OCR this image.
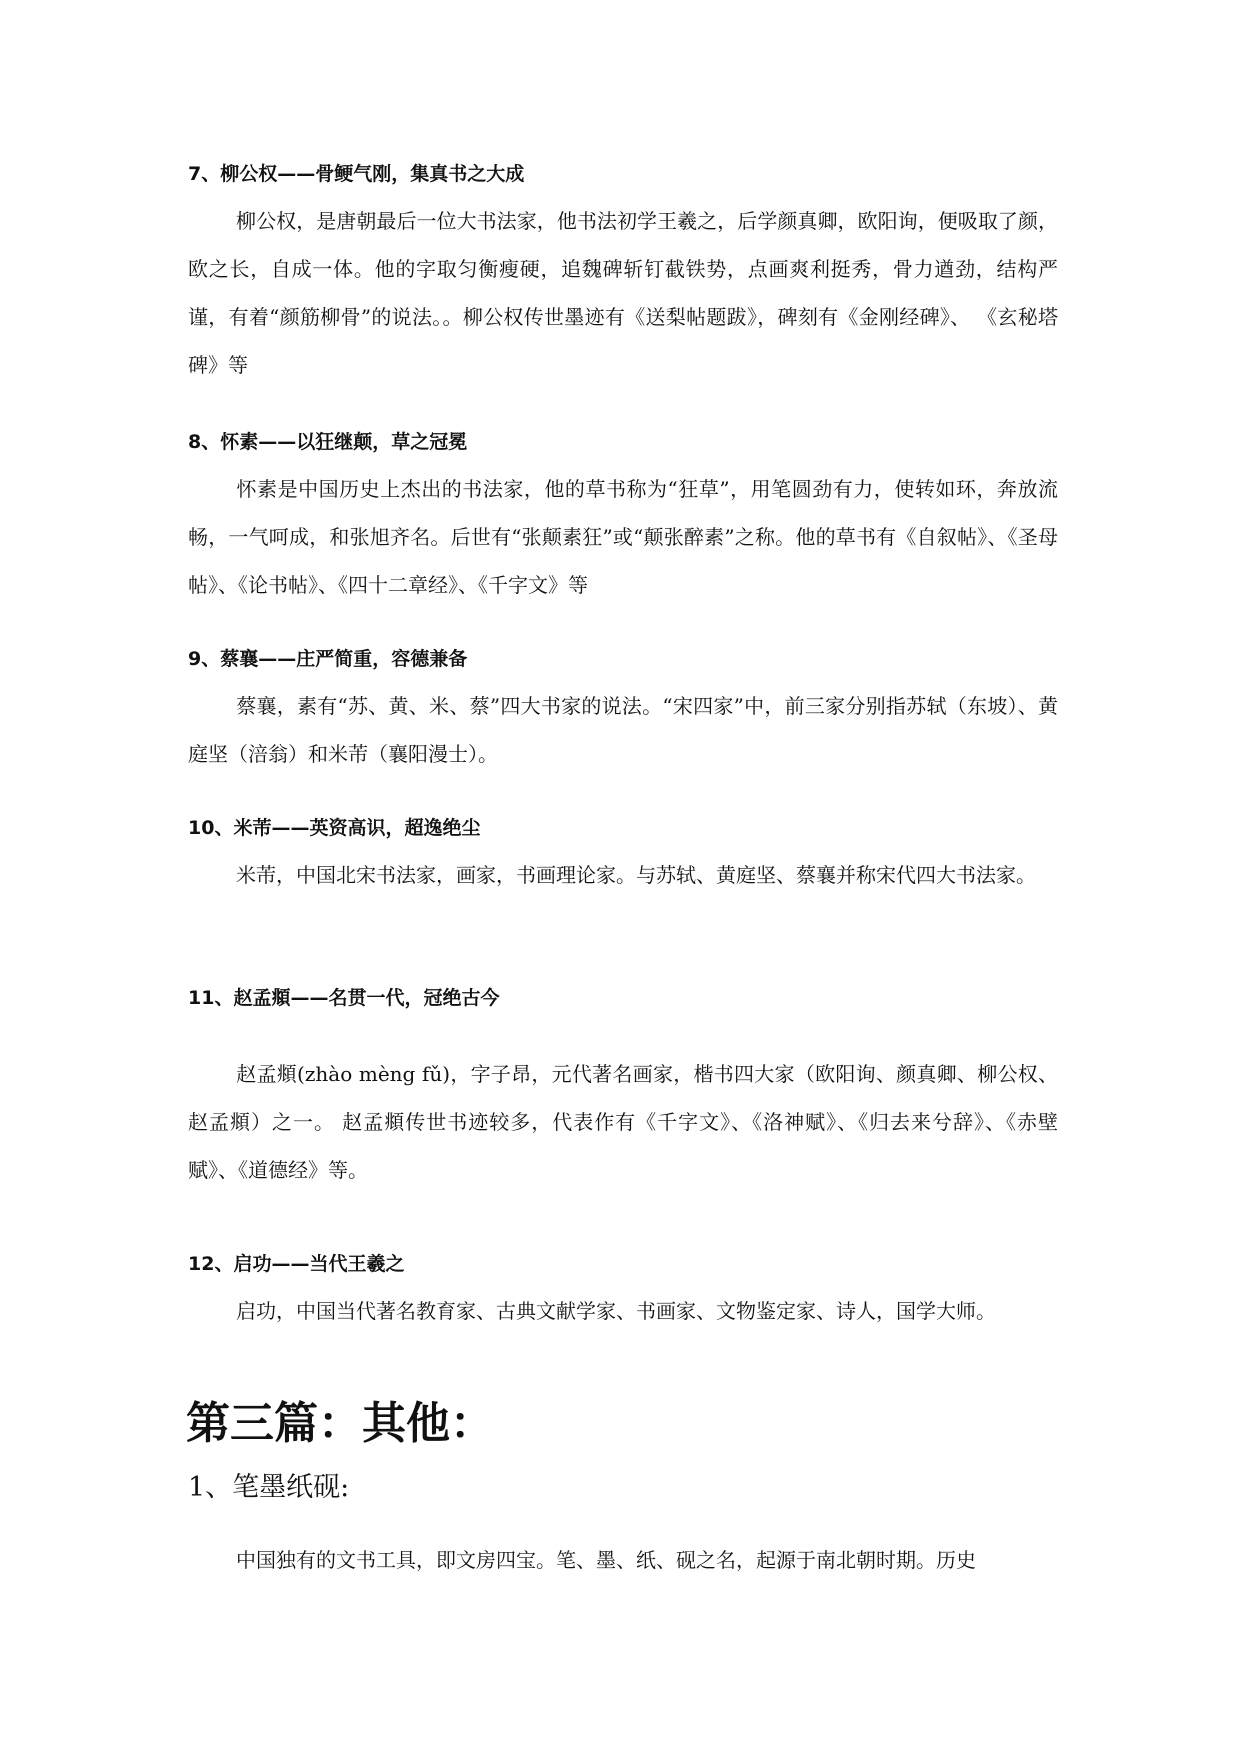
7、柳公权——骨鲠气刚，集真书之大成
柳公权，是唐朝最后一位大书法家，他书法初学王羲之，后学颜真卿，欧阳询，便吸取了颜，欧之长，自成一体。他的字取匀衡瘦硬，追魏碑斩钉截铁势，点画爽利挺秀，骨力遒劲，结构严谨，有着“颜筋柳骨”的说法。。柳公权传世墨迹有《送梨帖题跋》，碑刻有《金刚经碑》、 《玄秘塔碑》等
8、怀素——以狂继颠，草之冠冕
怀素是中国历史上杰出的书法家，他的草书称为“狂草”，用笔圆劲有力，使转如环，奔放流畅，一气呵成，和张旭齐名。后世有“张颠素狂”或“颠张醉素”之称。他的草书有《自叙帖》、《圣母帖》、《论书帖》、《四十二章经》、《千字文》等
9、蔡襄——庄严简重，容德兼备
蔡襄，素有“苏、黄、米、蔡”四大书家的说法。“宋四家”中，前三家分别指苏轼（东坡）、黄庭坚（涪翁）和米芾（襄阳漫士）。
10、米芾——英资高识，超逸绝尘
米芾，中国北宋书法家，画家，书画理论家。与苏轼、黄庭坚、蔡襄并称宋代四大书法家。
11、赵孟頫——名贯一代，冠绝古今
赵孟頫(zhào mèng fǔ)，字子昂，元代著名画家，楷书四大家（欧阳询、颜真卿、柳公权、赵孟頫）之一。 赵孟頫传世书迹较多，代表作有《千字文》、《洛神赋》、《归去来兮辞》、《赤壁赋》、《道德经》等。
12、启功——当代王羲之
启功，中国当代著名教育家、古典文献学家、书画家、文物鉴定家、诗人，国学大师。
第三篇：其他：
1、笔墨纸砚:
中国独有的文书工具，即文房四宝。笔、墨、纸、砚之名，起源于南北朝时期。历史
